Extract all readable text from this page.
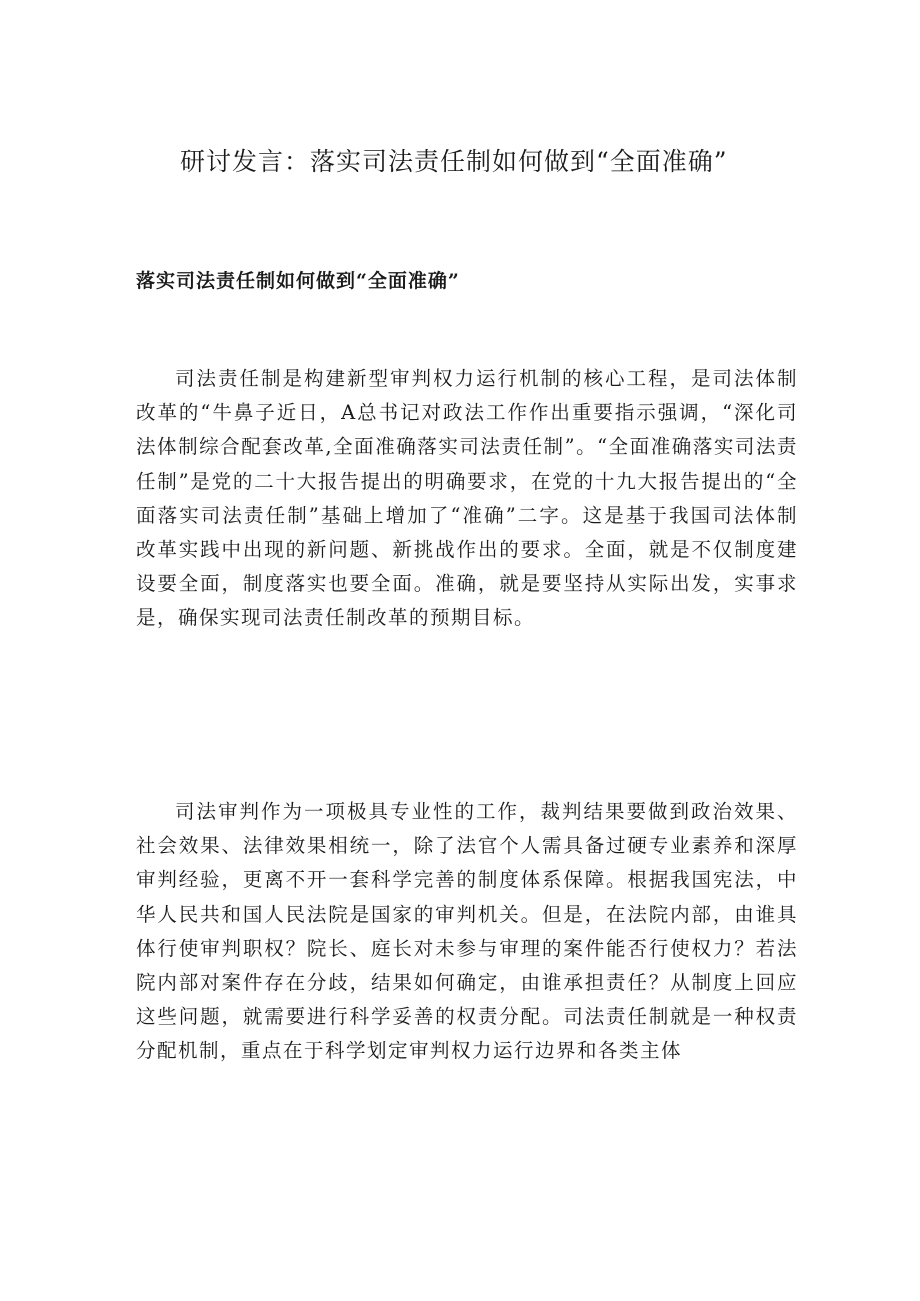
研讨发言：落实司法责任制如何做到“全面准确”
落实司法责任制如何做到“全面准确”

司法责任制是构建新型审判权力运行机制的核心工程，是司法体制改革的“牛鼻子近日，A总书记对政法工作作出重要指示强调，“深化司法体制综合配套改革,全面准确落实司法责任制”。“全面准确落实司法责任制”是党的二十大报告提出的明确要求，在党的十九大报告提出的“全面落实司法责任制”基础上增加了“准确”二字。这是基于我国司法体制改革实践中出现的新问题、新挑战作出的要求。全面，就是不仅制度建设要全面，制度落实也要全面。准确，就是要坚持从实际出发，实事求是，确保实现司法责任制改革的预期目标。

司法审判作为一项极具专业性的工作，裁判结果要做到政治效果、社会效果、法律效果相统一，除了法官个人需具备过硬专业素养和深厚审判经验，更离不开一套科学完善的制度体系保障。根据我国宪法，中华人民共和国人民法院是国家的审判机关。但是，在法院内部，由谁具体行使审判职权？院长、庭长对未参与审理的案件能否行使权力？若法院内部对案件存在分歧，结果如何确定，由谁承担责任？从制度上回应这些问题，就需要进行科学妥善的权责分配。司法责任制就是一种权责分配机制，重点在于科学划定审判权力运行边界和各类主体
